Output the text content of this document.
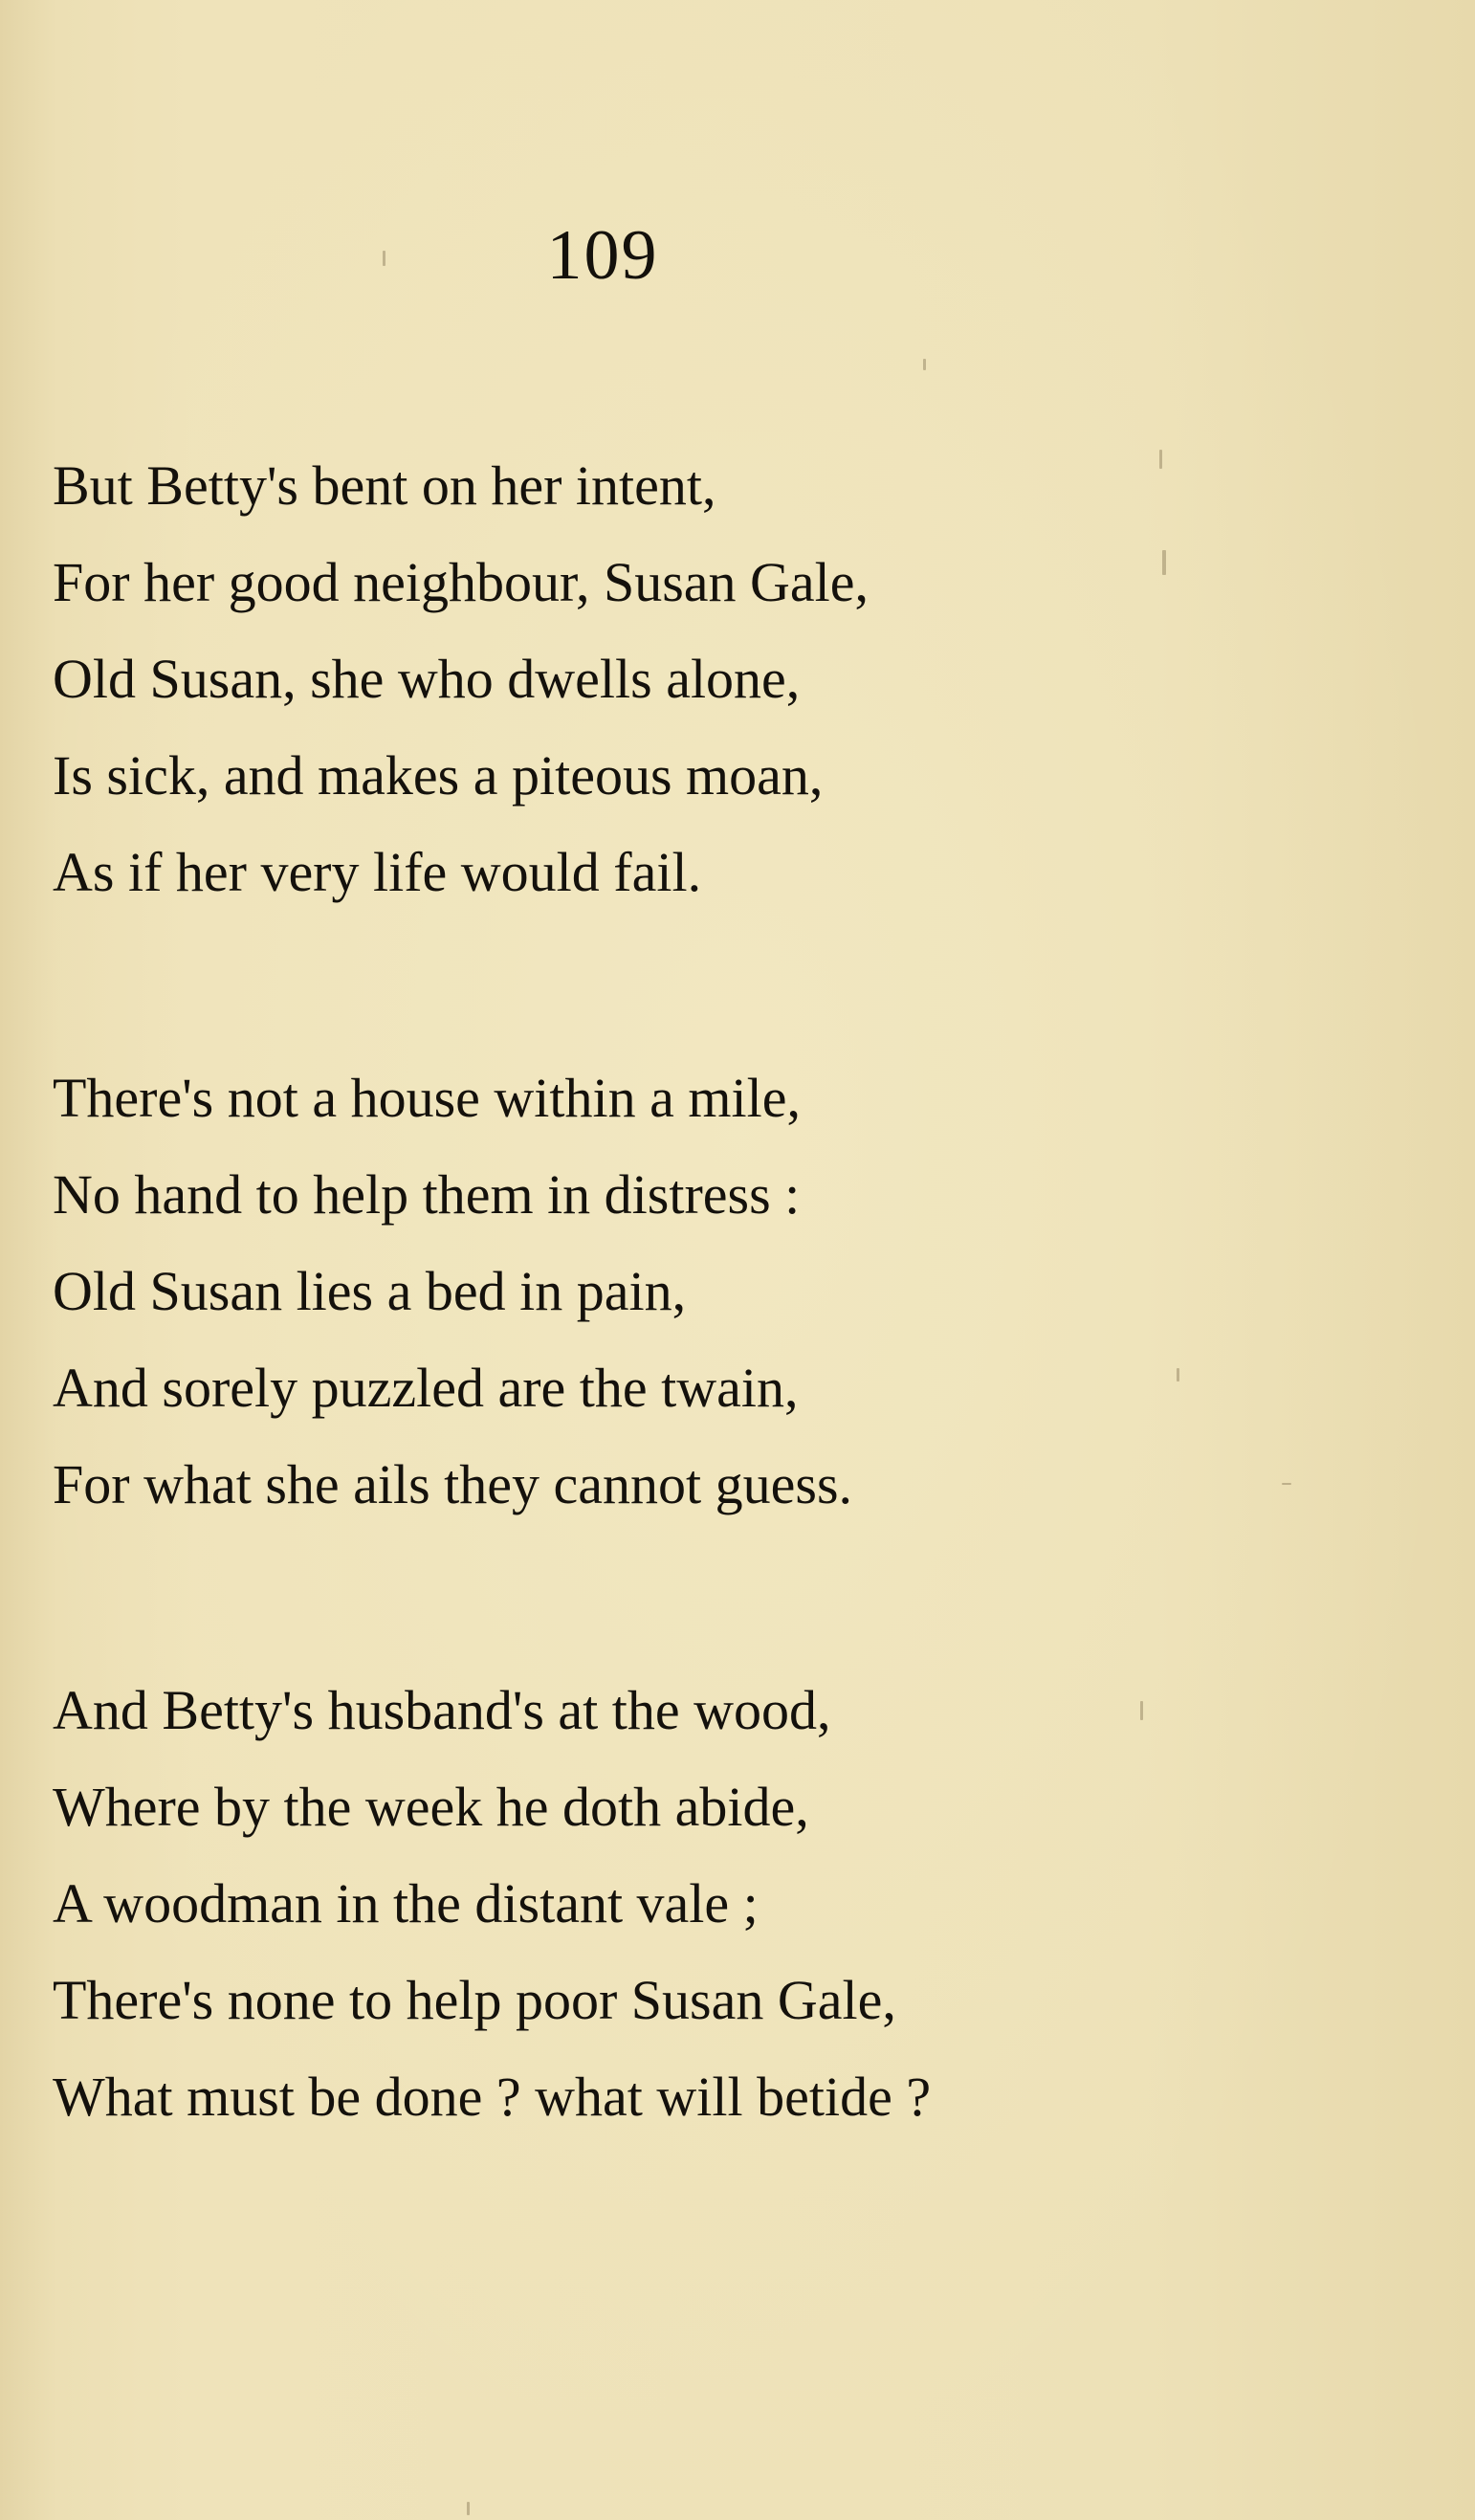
109
But Betty's bent on her intent,
For her good neighbour, Susan Gale,
Old Susan, she who dwells alone,
Is sick, and makes a piteous moan,
As if her very life would fail.
There's not a house within a mile,
No hand to help them in distress :
Old Susan lies a bed in pain,
And sorely puzzled are the twain,
For what she ails they cannot guess.
And Betty's husband's at the wood,
Where by the week he doth abide,
A woodman in the distant vale ;
There's none to help poor Susan Gale,
What must be done ? what will betide ?
